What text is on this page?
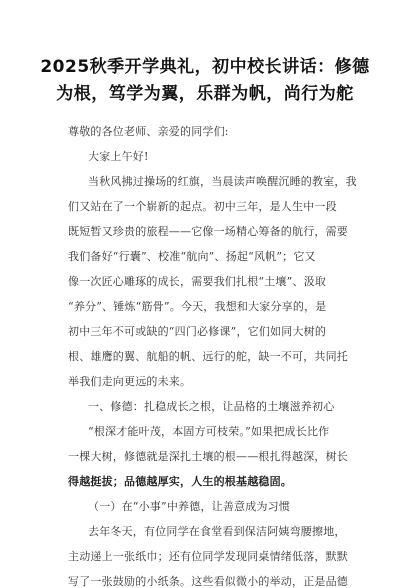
2025秋季开学典礼，初中校长讲话：修德
为根，笃学为翼，乐群为帆，尚行为舵
尊敬的各位老师、亲爱的同学们:
大家上午好!
当秋风拂过操场的红旗，当晨读声唤醒沉睡的教室，我
们又站在了一个崭新的起点。初中三年，是人生中一段
既短暂又珍贵的旅程——它像一场精心筹备的航行，需要
我们备好“行囊”、校准“航向”、扬起“风帆”；它又
像一次匠心雕琢的成长，需要我们扎根“土壤”、汲取
“养分”、锤炼“筋骨”。今天，我想和大家分享的，是
初中三年不可或缺的“四门必修课”，它们如同大树的
根、雄鹰的翼、航船的帆、远行的舵，缺一不可，共同托
举我们走向更远的未来。
一、修德：扎稳成长之根，让品格的土壤滋养初心
“根深才能叶茂，本固方可枝荣。”如果把成长比作
一棵大树，修德就是深扎土壤的根——根扎得越深，树长
得越挺拔；品德越厚实，人生的根基越稳固。
（一）在“小事”中养德，让善意成为习惯
去年冬天，有位同学在食堂看到保洁阿姨弯腰擦地，
主动递上一张纸巾；还有位同学发现同桌情绪低落，默默
写了一张鼓励的小纸条。这些看似微小的举动，正是品德
